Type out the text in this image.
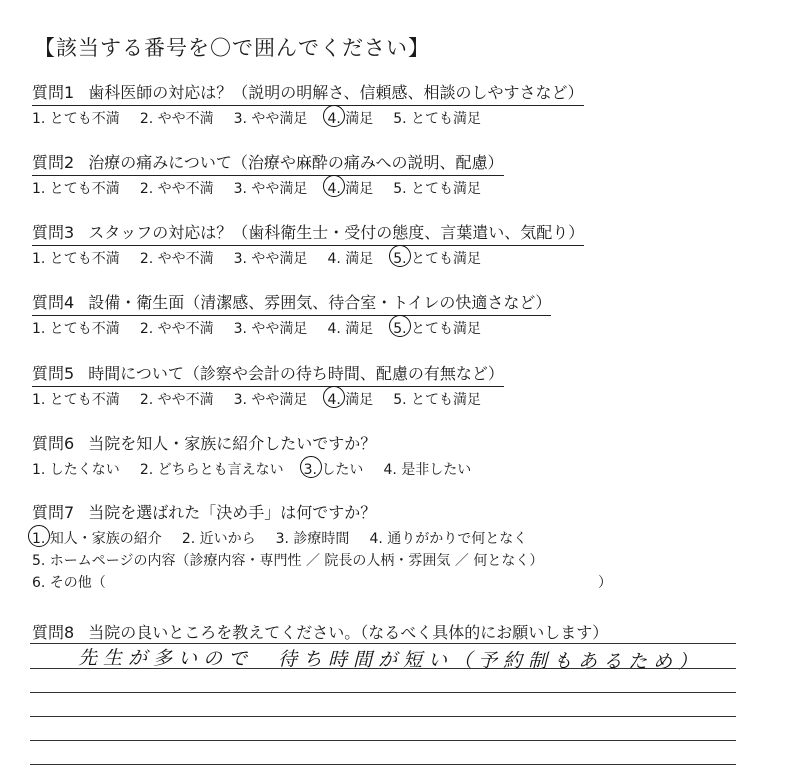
【該当する番号を〇で囲んでください】
質問1 歯科医師の対応は？（説明の明解さ、信頼感、相談のしやすさなど）
1. とても不満 2. やや不満 3. やや満足 4. 満足 5. とても満足
質問2 治療の痛みについて（治療や麻酔の痛みへの説明、配慮）
1. とても不満 2. やや不満 3. やや満足 4. 満足 5. とても満足
質問3 スタッフの対応は？（歯科衛生士・受付の態度、言葉遣い、気配り）
1. とても不満 2. やや不満 3. やや満足 4. 満足 5. とても満足
質問4 設備・衛生面（清潔感、雰囲気、待合室・トイレの快適さなど）
1. とても不満 2. やや不満 3. やや満足 4. 満足 5. とても満足
質問5 時間について（診察や会計の待ち時間、配慮の有無など）
1. とても不満 2. やや不満 3. やや満足 4. 満足 5. とても満足
質問6 当院を知人・家族に紹介したいですか？
1. したくない 2. どちらとも言えない 3. したい 4. 是非したい
質問7 当院を選ばれた「決め手」は何ですか？
1. 知人・家族の紹介 2. 近いから 3. 診療時間 4. 通りがかりで何となく
5. ホームページの内容（診療内容・専門性 ／ 院長の人柄・雰囲気 ／ 何となく）
6. その他（	）
質問8 当院の良いところを教えてください。（なるべく具体的にお願いします）
先生が多いので　待ち時間が短い（予約制もあるため）
